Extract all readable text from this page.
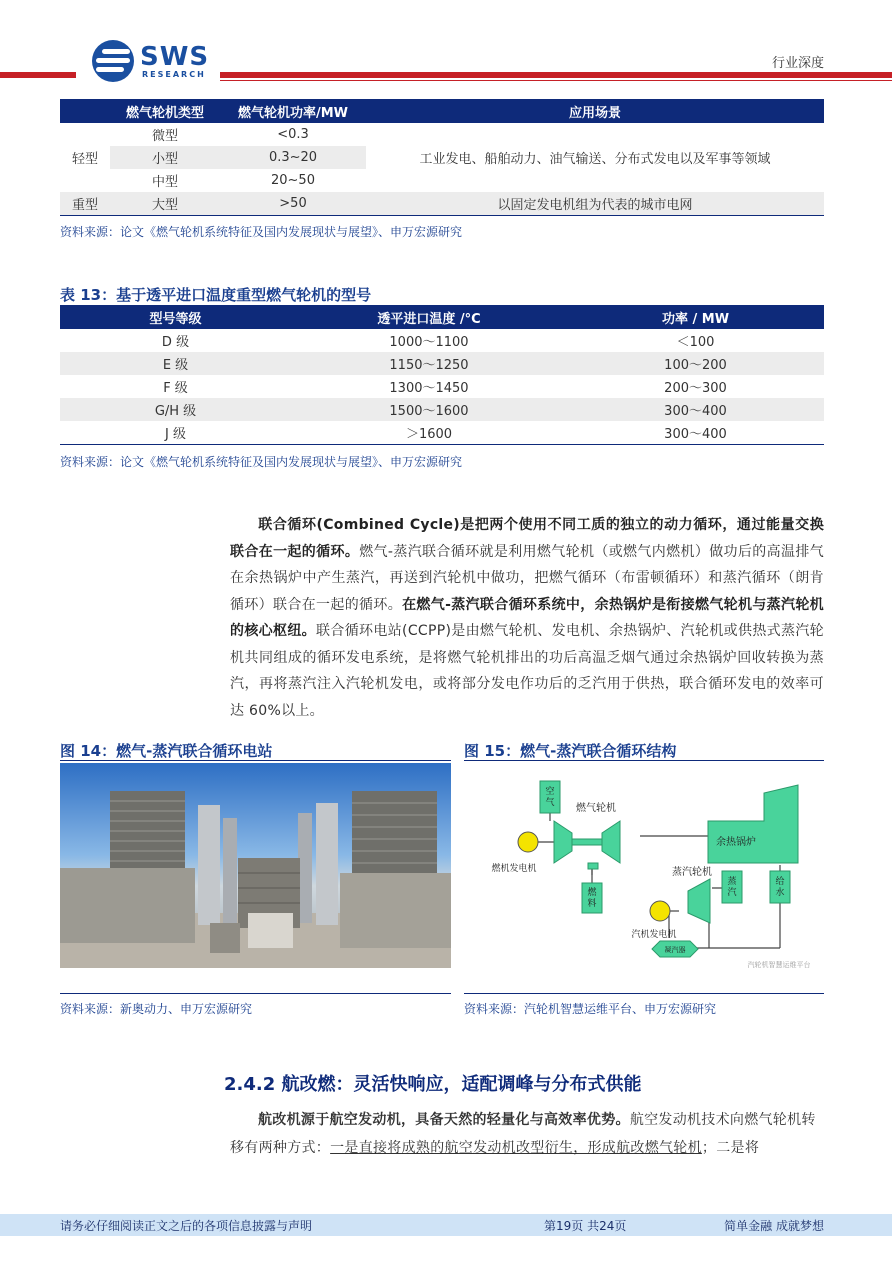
SWS
RESEARCH
行业深度
	燃气轮机类型	燃气轮机功率/MW	应用场景
轻型	微型	<0.3	工业发电、船舶动力、油气输送、分布式发电以及军事等领域
	小型	0.3~20	
	中型	20~50	
重型	大型	>50	以固定发电机组为代表的城市电网
资料来源：论文《燃气轮机系统特征及国内发展现状与展望》、申万宏源研究
表 13：基于透平进口温度重型燃气轮机的型号
型号等级	透平进口温度 /°C	功率 / MW
D 级	1000～1100	＜100
E 级	1150～1250	100～200
F 级	1300～1450	200～300
G/H 级	1500～1600	300～400
J 级	＞1600	300～400
资料来源：论文《燃气轮机系统特征及国内发展现状与展望》、申万宏源研究
联合循环(Combined Cycle)是把两个使用不同工质的独立的动力循环，通过能量交换联合在一起的循环。燃气-蒸汽联合循环就是利用燃气轮机（或燃气内燃机）做功后的高温排气在余热锅炉中产生蒸汽，再送到汽轮机中做功，把燃气循环（布雷顿循环）和蒸汽循环（朗肯循环）联合在一起的循环。在燃气-蒸汽联合循环系统中，余热锅炉是衔接燃气轮机与蒸汽轮机的核心枢纽。联合循环电站(CCPP)是由燃气轮机、发电机、余热锅炉、汽轮机或供热式蒸汽轮机共同组成的循环发电系统，是将燃气轮机排出的功后高温乏烟气通过余热锅炉回收转换为蒸汽，再将蒸汽注入汽轮机发电，或将部分发电作功后的乏汽用于供热，联合循环发电的效率可达 60%以上。
图 14：燃气-蒸汽联合循环电站	图 15：燃气-蒸汽联合循环结构
资料来源：新奥动力、申万宏源研究
空气 燃气轮机
燃机发电机
燃料
余热锅炉
蒸汽轮机
蒸汽
给水
汽机发电机
凝汽器
汽轮机智慧运维平台
资料来源：汽轮机智慧运维平台、申万宏源研究
2.4.2 航改燃：灵活快响应，适配调峰与分布式供能
航改机源于航空发动机，具备天然的轻量化与高效率优势。航空发动机技术向燃气轮机转移有两种方式：一是直接将成熟的航空发动机改型衍生，形成航改燃气轮机；二是将
请务必仔细阅读正文之后的各项信息披露与声明	第19页 共24页	简单金融 成就梦想
